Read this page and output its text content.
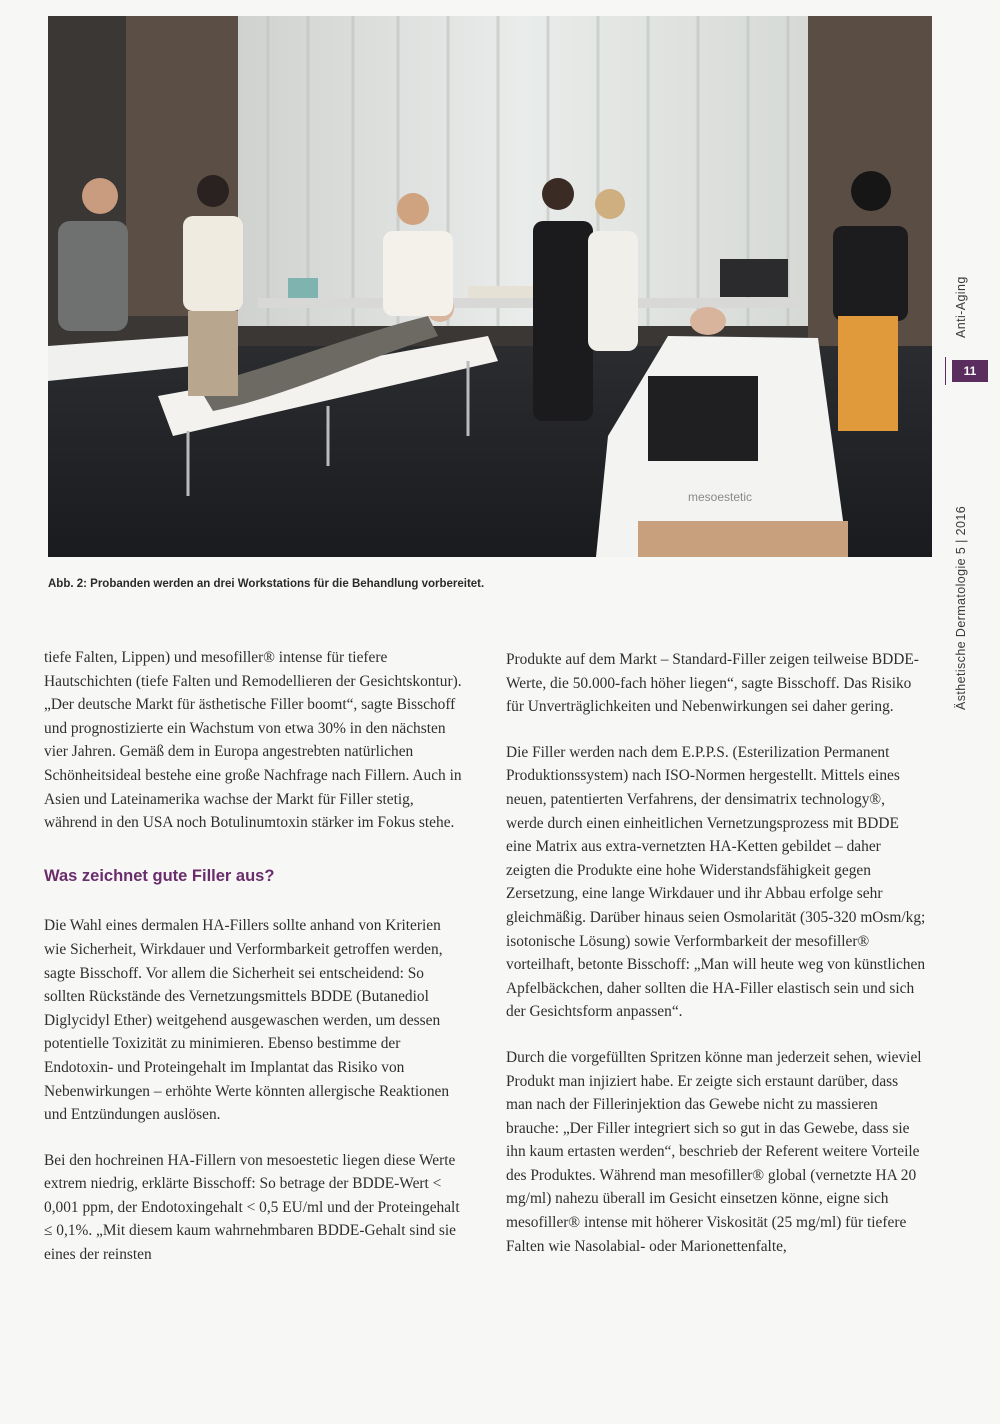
mesoestetic
Abb. 2: Probanden werden an drei Workstations für die Behandlung vorbereitet.
Anti-Aging
Ästhetische Dermatologie 5 | 2016
11

tiefe Falten, Lippen) und mesofiller® intense für tiefere Hautschichten (tiefe Falten und Remodellieren der Gesichtskontur). „Der deutsche Markt für ästhetische Filler boomt“, sagte Bisschoff und prognostizierte ein Wachstum von etwa 30% in den nächsten vier Jahren. Gemäß dem in Europa angestrebten natürlichen Schönheitsideal bestehe eine große Nachfrage nach Fillern. Auch in Asien und Lateinamerika wachse der Markt für Filler stetig, während in den USA noch Botulinumtoxin stärker im Fokus stehe.

Was zeichnet gute Filler aus?

Die Wahl eines dermalen HA-Fillers sollte anhand von Kriterien wie Sicherheit, Wirkdauer und Verformbarkeit getroffen werden, sagte Bisschoff. Vor allem die Sicherheit sei entscheidend: So sollten Rückstände des Vernetzungsmittels BDDE (Butanediol Diglycidyl Ether) weitgehend ausgewaschen werden, um dessen potentielle Toxizität zu minimieren. Ebenso bestimme der Endotoxin- und Proteingehalt im Implantat das Risiko von Nebenwirkungen – erhöhte Werte könnten allergische Reaktionen und Entzündungen auslösen.

Bei den hochreinen HA-Fillern von mesoestetic liegen diese Werte extrem niedrig, erklärte Bisschoff: So betrage der BDDE-Wert < 0,001 ppm, der Endotoxingehalt < 0,5 EU/ml und der Proteingehalt ≤ 0,1%. „Mit diesem kaum wahrnehmbaren BDDE-Gehalt sind sie eines der reinsten

Produkte auf dem Markt – Standard-Filler zeigen teilweise BDDE-Werte, die 50.000-fach höher liegen“, sagte Bisschoff. Das Risiko für Unverträglichkeiten und Nebenwirkungen sei daher gering.

Die Filler werden nach dem E.P.P.S. (Esterilization Permanent Produktionssystem) nach ISO-Normen hergestellt. Mittels eines neuen, patentierten Verfahrens, der densimatrix technology®, werde durch einen einheitlichen Vernetzungsprozess mit BDDE eine Matrix aus extra-vernetzten HA-Ketten gebildet – daher zeigten die Produkte eine hohe Widerstandsfähigkeit gegen Zersetzung, eine lange Wirkdauer und ihr Abbau erfolge sehr gleichmäßig. Darüber hinaus seien Osmolarität (305-320 mOsm/kg; isotonische Lösung) sowie Verformbarkeit der mesofiller® vorteilhaft, betonte Bisschoff: „Man will heute weg von künstlichen Apfelbäckchen, daher sollten die HA-Filler elastisch sein und sich der Gesichtsform anpassen“.

Durch die vorgefüllten Spritzen könne man jederzeit sehen, wieviel Produkt man injiziert habe. Er zeigte sich erstaunt darüber, dass man nach der Fillerinjektion das Gewebe nicht zu massieren brauche: „Der Filler integriert sich so gut in das Gewebe, dass sie ihn kaum ertasten werden“, beschrieb der Referent weitere Vorteile des Produktes. Während man mesofiller® global (vernetzte HA 20 mg/ml) nahezu überall im Gesicht einsetzen könne, eigne sich mesofiller® intense mit höherer Viskosität (25 mg/ml) für tiefere Falten wie Nasolabial- oder Marionettenfalte,
